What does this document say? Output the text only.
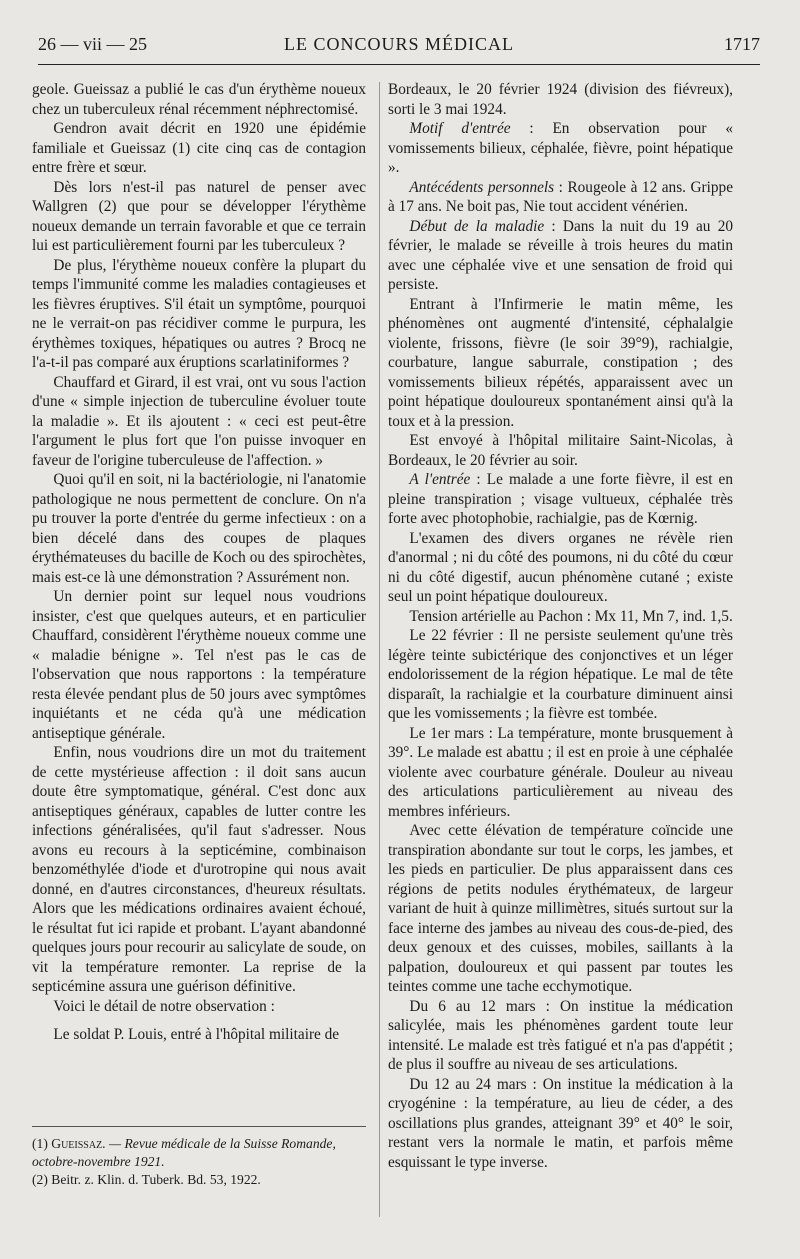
26 — vii — 25	LE CONCOURS MÉDICAL	1717

geole. Gueissaz a publié le cas d'un érythème noueux chez un tuberculeux rénal récemment néphrectomisé.

Gendron avait décrit en 1920 une épidémie familiale et Gueissaz (1) cite cinq cas de contagion entre frère et sœur.

Dès lors n'est-il pas naturel de penser avec Wallgren (2) que pour se développer l'érythème noueux demande un terrain favorable et que ce terrain lui est particulièrement fourni par les tuberculeux ?

De plus, l'érythème noueux confère la plupart du temps l'immunité comme les maladies contagieuses et les fièvres éruptives. S'il était un symptôme, pourquoi ne le verrait-on pas récidiver comme le purpura, les érythèmes toxiques, hépatiques ou autres ? Brocq ne l'a-t-il pas comparé aux éruptions scarlatiniformes ?

Chauffard et Girard, il est vrai, ont vu sous l'action d'une « simple injection de tuberculine évoluer toute la maladie ». Et ils ajoutent : « ceci est peut-être l'argument le plus fort que l'on puisse invoquer en faveur de l'origine tuberculeuse de l'affection. »

Quoi qu'il en soit, ni la bactériologie, ni l'anatomie pathologique ne nous permettent de conclure. On n'a pu trouver la porte d'entrée du germe infectieux : on a bien décelé dans des coupes de plaques érythémateuses du bacille de Koch ou des spirochètes, mais est-ce là une démonstration ? Assurément non.

Un dernier point sur lequel nous voudrions insister, c'est que quelques auteurs, et en particulier Chauffard, considèrent l'érythème noueux comme une « maladie bénigne ». Tel n'est pas le cas de l'observation que nous rapportons : la température resta élevée pendant plus de 50 jours avec symptômes inquiétants et ne céda qu'à une médication antiseptique générale.

Enfin, nous voudrions dire un mot du traitement de cette mystérieuse affection : il doit sans aucun doute être symptomatique, général. C'est donc aux antiseptiques généraux, capables de lutter contre les infections généralisées, qu'il faut s'adresser. Nous avons eu recours à la septicémine, combinaison benzométhylée d'iode et d'urotropine qui nous avait donné, en d'autres circonstances, d'heureux résultats. Alors que les médications ordinaires avaient échoué, le résultat fut ici rapide et probant. L'ayant abandonné quelques jours pour recourir au salicylate de soude, on vit la température remonter. La reprise de la septicémine assura une guérison définitive.

Voici le détail de notre observation :

Le soldat P. Louis, entré à l'hôpital militaire de

(1) Gueissaz. — Revue médicale de la Suisse Romande, octobre-novembre 1921.

(2) Beitr. z. Klin. d. Tuberk. Bd. 53, 1922.

Bordeaux, le 20 février 1924 (division des fiévreux), sorti le 3 mai 1924.

Motif d'entrée : En observation pour « vomissements bilieux, céphalée, fièvre, point hépatique ».

Antécédents personnels : Rougeole à 12 ans. Grippe à 17 ans. Ne boit pas, Nie tout accident vénérien.

Début de la maladie : Dans la nuit du 19 au 20 février, le malade se réveille à trois heures du matin avec une céphalée vive et une sensation de froid qui persiste.

Entrant à l'Infirmerie le matin même, les phénomènes ont augmenté d'intensité, céphalalgie violente, frissons, fièvre (le soir 39°9), rachialgie, courbature, langue saburrale, constipation ; des vomissements bilieux répétés, apparaissent avec un point hépatique douloureux spontanément ainsi qu'à la toux et à la pression.

Est envoyé à l'hôpital militaire Saint-Nicolas, à Bordeaux, le 20 février au soir.

A l'entrée : Le malade a une forte fièvre, il est en pleine transpiration ; visage vultueux, céphalée très forte avec photophobie, rachialgie, pas de Kœrnig.

L'examen des divers organes ne révèle rien d'anormal ; ni du côté des poumons, ni du côté du cœur ni du côté digestif, aucun phénomène cutané ; existe seul un point hépatique douloureux.

Tension artérielle au Pachon : Mx 11, Mn 7, ind. 1,5.

Le 22 février : Il ne persiste seulement qu'une très légère teinte subictérique des conjonctives et un léger endolorissement de la région hépatique. Le mal de tête disparaît, la rachialgie et la courbature diminuent ainsi que les vomissements ; la fièvre est tombée.

Le 1er mars : La température, monte brusquement à 39°. Le malade est abattu ; il est en proie à une céphalée violente avec courbature générale. Douleur au niveau des articulations particulièrement au niveau des membres inférieurs.

Avec cette élévation de température coïncide une transpiration abondante sur tout le corps, les jambes, et les pieds en particulier. De plus apparaissent dans ces régions de petits nodules érythémateux, de largeur variant de huit à quinze millimètres, situés surtout sur la face interne des jambes au niveau des cous-de-pied, des deux genoux et des cuisses, mobiles, saillants à la palpation, douloureux et qui passent par toutes les teintes comme une tache ecchymotique.

Du 6 au 12 mars : On institue la médication salicylée, mais les phénomènes gardent toute leur intensité. Le malade est très fatigué et n'a pas d'appétit ; de plus il souffre au niveau de ses articulations.

Du 12 au 24 mars : On institue la médication à la cryogénine : la température, au lieu de céder, a des oscillations plus grandes, atteignant 39° et 40° le soir, restant vers la normale le matin, et parfois même esquissant le type inverse.
